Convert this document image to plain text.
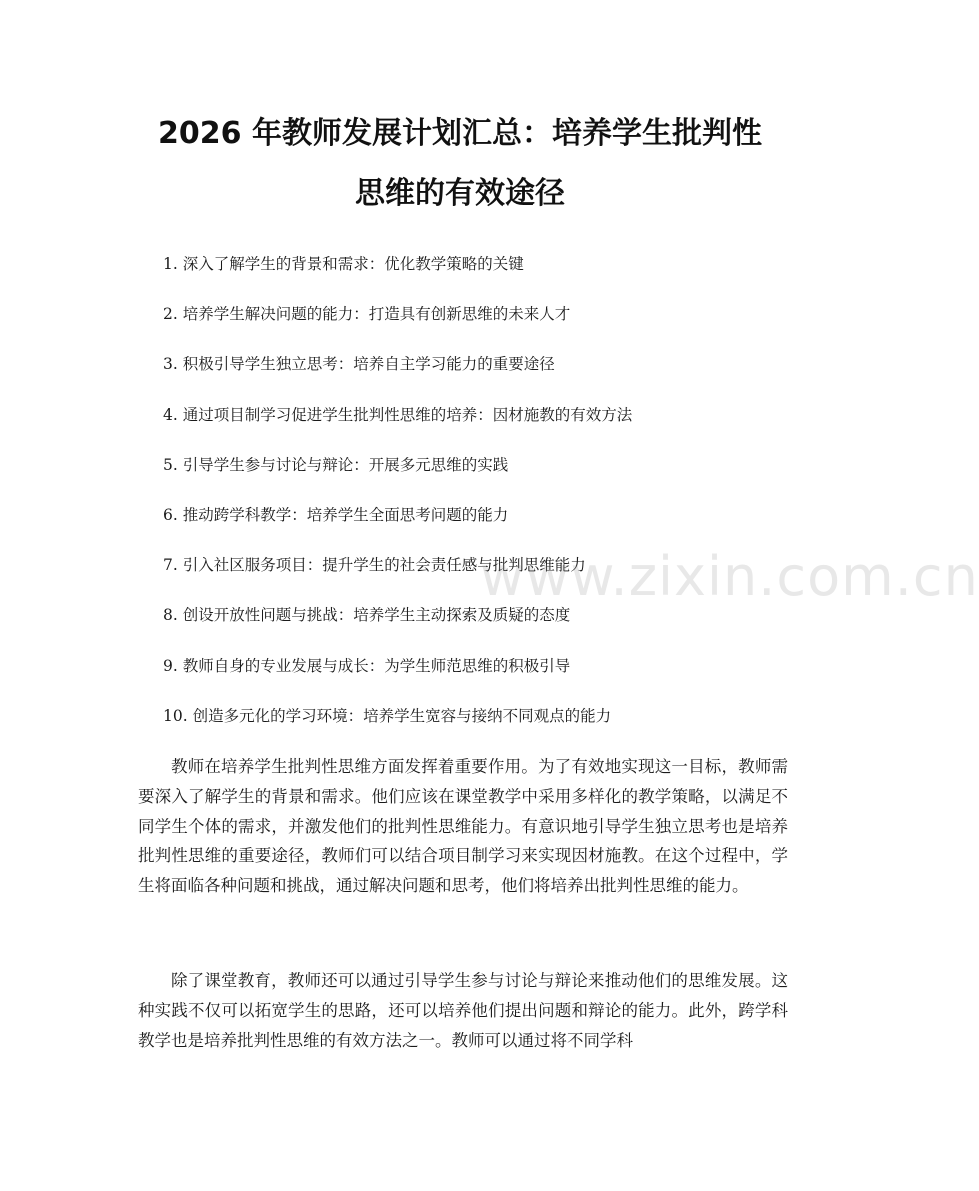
2026 年教师发展计划汇总：培养学生批判性
思维的有效途径
1. 深入了解学生的背景和需求：优化教学策略的关键
2. 培养学生解决问题的能力：打造具有创新思维的未来人才
3. 积极引导学生独立思考：培养自主学习能力的重要途径
4. 通过项目制学习促进学生批判性思维的培养：因材施教的有效方法
5. 引导学生参与讨论与辩论：开展多元思维的实践
6. 推动跨学科教学：培养学生全面思考问题的能力
7. 引入社区服务项目：提升学生的社会责任感与批判思维能力
8. 创设开放性问题与挑战：培养学生主动探索及质疑的态度
9. 教师自身的专业发展与成长：为学生师范思维的积极引导
10. 创造多元化的学习环境：培养学生宽容与接纳不同观点的能力

教师在培养学生批判性思维方面发挥着重要作用。为了有效地实现这一目标，教师需要深入了解学生的背景和需求。他们应该在课堂教学中采用多样化的教学策略，以满足不同学生个体的需求，并激发他们的批判性思维能力。有意识地引导学生独立思考也是培养批判性思维的重要途径，教师们可以结合项目制学习来实现因材施教。在这个过程中，学生将面临各种问题和挑战，通过解决问题和思考，他们将培养出批判性思维的能力。

除了课堂教育，教师还可以通过引导学生参与讨论与辩论来推动他们的思维发展。这种实践不仅可以拓宽学生的思路，还可以培养他们提出问题和辩论的能力。此外，跨学科教学也是培养批判性思维的有效方法之一。教师可以通过将不同学科

www.zixin.com.cn
